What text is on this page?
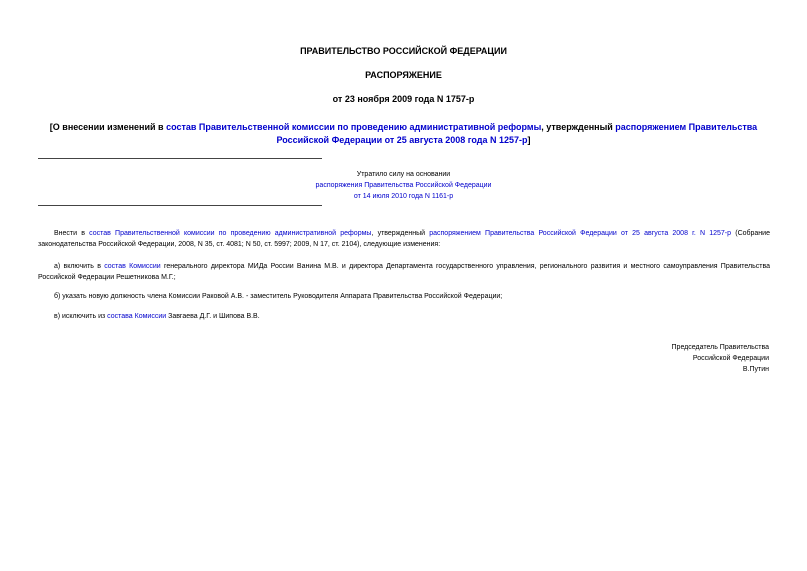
ПРАВИТЕЛЬСТВО РОССИЙСКОЙ ФЕДЕРАЦИИ
РАСПОРЯЖЕНИЕ
от 23 ноября 2009 года N 1757-р
[О внесении изменений в состав Правительственной комиссии по проведению административной реформы, утвержденный распоряжением Правительства Российской Федерации от 25 августа 2008 года N 1257-р]
Утратило силу на основании
распоряжения Правительства Российской Федерации
от 14 июля 2010 года N 1161-р
Внести в состав Правительственной комиссии по проведению административной реформы, утвержденный распоряжением Правительства Российской Федерации от 25 августа 2008 г. N 1257-р (Собрание законодательства Российской Федерации, 2008, N 35, ст. 4081; N 50, ст. 5997; 2009, N 17, ст. 2104), следующие изменения:
а) включить в состав Комиссии генерального директора МИДа России Ванина М.В. и директора Департамента государственного управления, регионального развития и местного самоуправления Правительства Российской Федерации Решетникова М.Г.;
б) указать новую должность члена Комиссии Раковой А.В. - заместитель Руководителя Аппарата Правительства Российской Федерации;
в) исключить из состава Комиссии Завгаева Д.Г. и Шипова В.В.
Председатель Правительства
Российской Федерации
В.Путин
